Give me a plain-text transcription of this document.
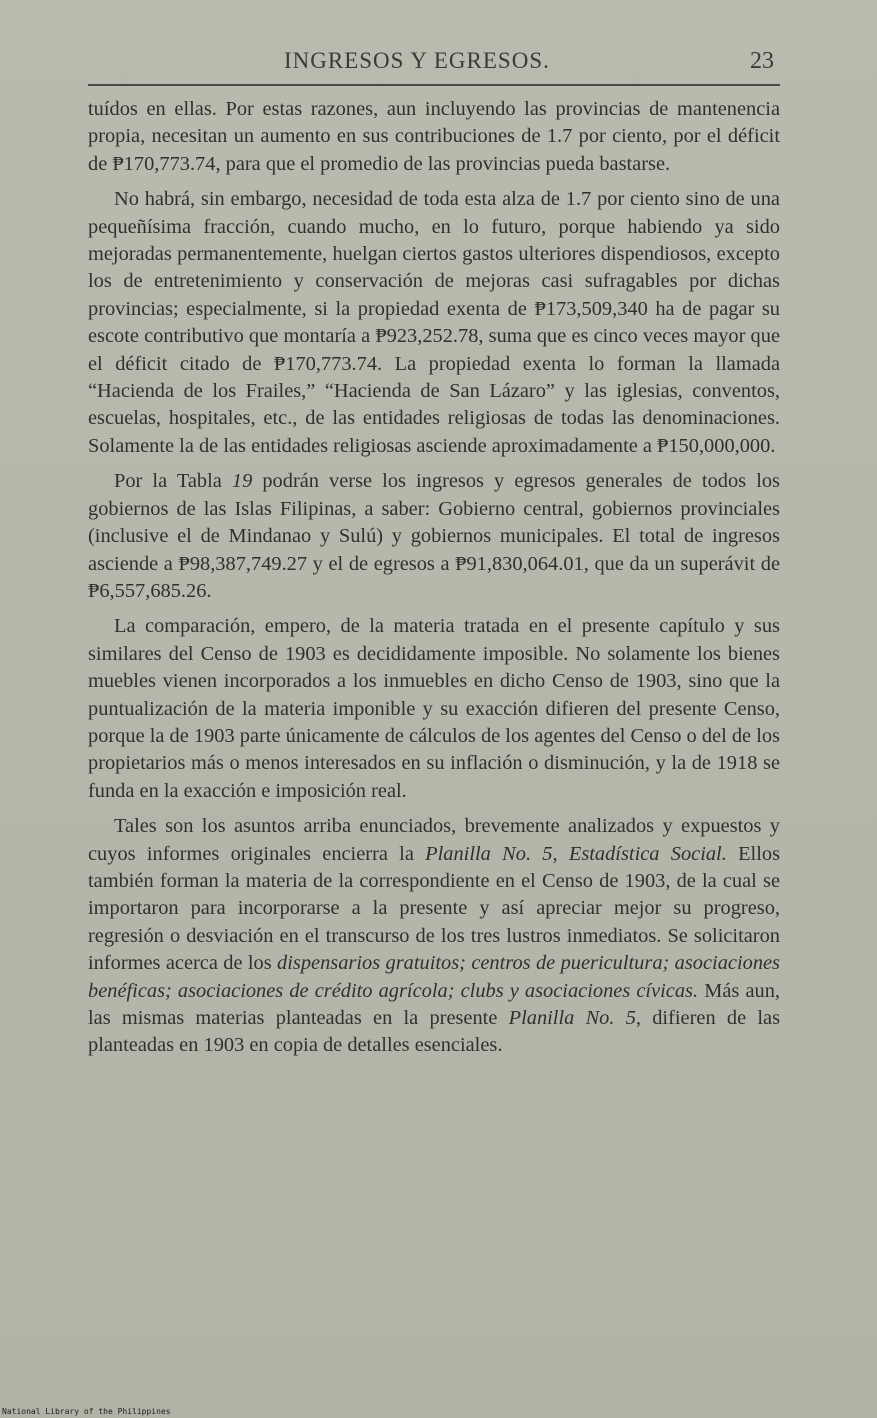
INGRESOS Y EGRESOS.	23

tuídos en ellas. Por estas razones, aun incluyendo las provincias de mantenencia propia, necesitan un aumento en sus contribuciones de 1.7 por ciento, por el déficit de ₱170,773.74, para que el promedio de las provincias pueda bastarse.

No habrá, sin embargo, necesidad de toda esta alza de 1.7 por ciento sino de una pequeñísima fracción, cuando mucho, en lo futuro, porque habiendo ya sido mejoradas permanentemente, huelgan ciertos gastos ulteriores dispendiosos, excepto los de entretenimiento y conservación de mejoras casi sufragables por dichas provincias; especialmente, si la propiedad exenta de ₱173,509,340 ha de pagar su escote contributivo que montaría a ₱923,252.78, suma que es cinco veces mayor que el déficit citado de ₱170,773.74. La propiedad exenta lo forman la llamada “Hacienda de los Frailes,” “Hacienda de San Lázaro” y las iglesias, conventos, escuelas, hospitales, etc., de las entidades religiosas de todas las denominaciones. Solamente la de las entidades religiosas asciende aproximadamente a ₱150,000,000.

Por la Tabla 19 podrán verse los ingresos y egresos generales de todos los gobiernos de las Islas Filipinas, a saber: Gobierno central, gobiernos provinciales (inclusive el de Mindanao y Sulú) y gobiernos municipales. El total de ingresos asciende a ₱98,387,749.27 y el de egresos a ₱91,830,064.01, que da un superávit de ₱6,557,685.26.

La comparación, empero, de la materia tratada en el presente capítulo y sus similares del Censo de 1903 es decididamente imposible. No solamente los bienes muebles vienen incorporados a los inmuebles en dicho Censo de 1903, sino que la puntualización de la materia imponible y su exacción difieren del presente Censo, porque la de 1903 parte únicamente de cálculos de los agentes del Censo o del de los propietarios más o menos interesados en su inflación o disminución, y la de 1918 se funda en la exacción e imposición real.

Tales son los asuntos arriba enunciados, brevemente analizados y expuestos y cuyos informes originales encierra la Planilla No. 5, Estadística Social. Ellos también forman la materia de la correspondiente en el Censo de 1903, de la cual se importaron para incorporarse a la presente y así apreciar mejor su progreso, regresión o desviación en el transcurso de los tres lustros inmediatos. Se solicitaron informes acerca de los dispensarios gratuitos; centros de puericultura; asociaciones benéficas; asociaciones de crédito agrícola; clubs y asociaciones cívicas. Más aun, las mismas materias planteadas en la presente Planilla No. 5, difieren de las planteadas en 1903 en copia de detalles esenciales.

National Library of the Philippines
